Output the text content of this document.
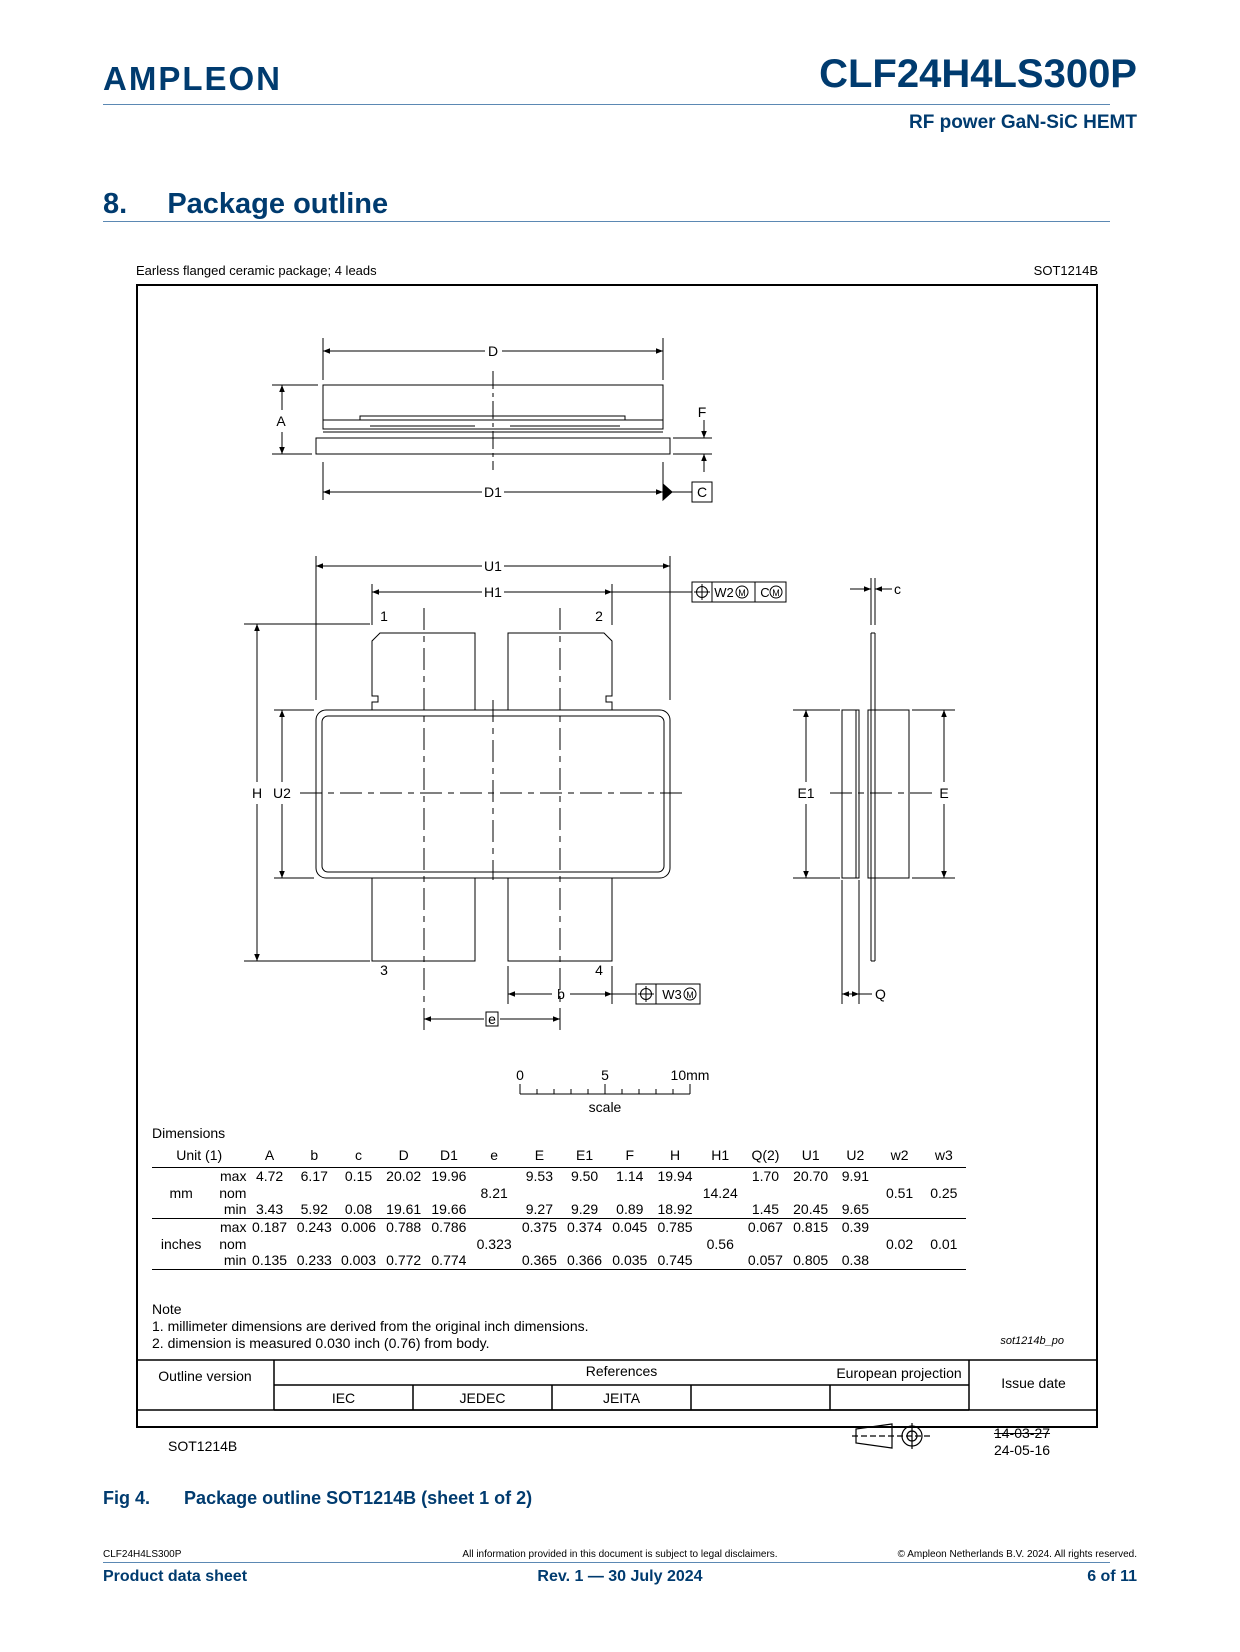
AMPLEON	CLF24H4LS300P
RF power GaN-SiC HEMT
8. Package outline
Earless flanged ceramic package; 4 leads	SOT1214B
D
D1
A
F
C
U1
H1
H U2	E1	E
c
b
e
Q
1	2
3	4
W2 M C M
W3 M
0	5	10mm
scale
Dimensions
Unit (1)		A	b	c	D	D1	e	E	E1	F	H	H1	Q(2)	U1	U2	w2	w3
mm	max	4.72	6.17	0.15	20.02	19.96		9.53	9.50	1.14	19.94		1.70	20.70	9.91		
	nom						8.21					14.24				0.51	0.25
	min	3.43	5.92	0.08	19.61	19.66		9.27	9.29	0.89	18.92		1.45	20.45	9.65		
inches	max	0.187	0.243	0.006	0.788	0.786		0.375	0.374	0.045	0.785		0.067	0.815	0.39		
	nom						0.323					0.56				0.02	0.01
	min	0.135	0.233	0.003	0.772	0.774		0.365	0.366	0.035	0.745		0.057	0.805	0.38		
Note
1. millimeter dimensions are derived from the original inch dimensions.
2. dimension is measured 0.030 inch (0.76) from body.	sot1214b_po
Outline version	References
IEC	JEDEC	JEITA
European projection
Issue date
SOT1214B
14-03-27
24-05-16
Fig 4. Package outline SOT1214B (sheet 1 of 2)
CLF24H4LS300P	All information provided in this document is subject to legal disclaimers.	© Ampleon Netherlands B.V. 2024. All rights reserved.
Product data sheet	Rev. 1 — 30 July 2024	6 of 11
